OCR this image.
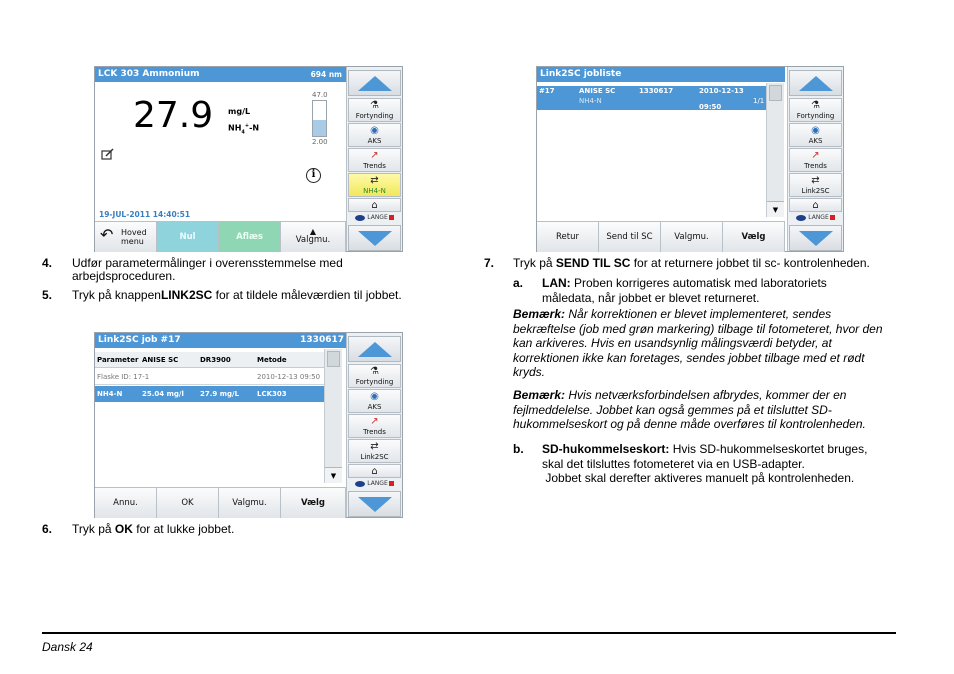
LCK 303 Ammonium	694 nm
27.9 mg/L
$NH_4^+-N$
47.0
2.00
i
19-JUL-2011 14:40:51
⚗
Fortynding
◉
AKS
↗
Trends
⇄
NH4-N
⌂
LANGE
↶ Hoved
menu	Nul	Aflæs
▲
Valgmu.
Link2SC jobliste
#17	ANISE SC	1330617	2010-12-13 09:50
NH4-N	1/1
▼
⚗
Fortynding
◉
AKS
↗
Trends
⇄
Link2SC
⌂
LANGE
Retur	Send til SC	Valgmu.	Vælg
Link2SC job #17	1330617
Parameter ANISE SC	DR3900	Metode
Flaske ID: 17-1	2010-12-13 09:50
NH4-N	25.04 mg/l 27.9 mg/L	LCK303
▼
⚗
Fortynding
◉
AKS
↗
Trends
⇄
Link2SC
⌂
LANGE
Annu.	OK	Valgmu.	Vælg
4. Udfør parametermålinger i overensstemmelse med arbejdsproceduren.
5. Tryk på knappenLINK2SC for at tildele måleværdien til jobbet.
6. Tryk på OK for at lukke jobbet.
7. Tryk på SEND TIL SC for at returnere jobbet til sc- kontrolenheden.
a. LAN: Proben korrigeres automatisk med laboratoriets måledata, når jobbet er blevet returneret.
Bemærk: Når korrektionen er blevet implementeret, sendes bekræftelse (job med grøn markering) tilbage til fotometeret, hvor den kan arkiveres. Hvis en usandsynlig målingsværdi betyder, at korrektionen ikke kan foretages, sendes jobbet tilbage med et rødt kryds.
Bemærk: Hvis netværksforbindelsen afbrydes, kommer der en fejlmeddelelse. Jobbet kan også gemmes på et tilsluttet SD-hukommelseskort og på denne måde overføres til kontrolenheden.
b. SD-hukommelseskort: Hvis SD-hukommelseskortet bruges, skal det tilsluttes fotometeret via en USB-adapter.
Jobbet skal derefter aktiveres manuelt på kontrolenheden.
Dansk 24
